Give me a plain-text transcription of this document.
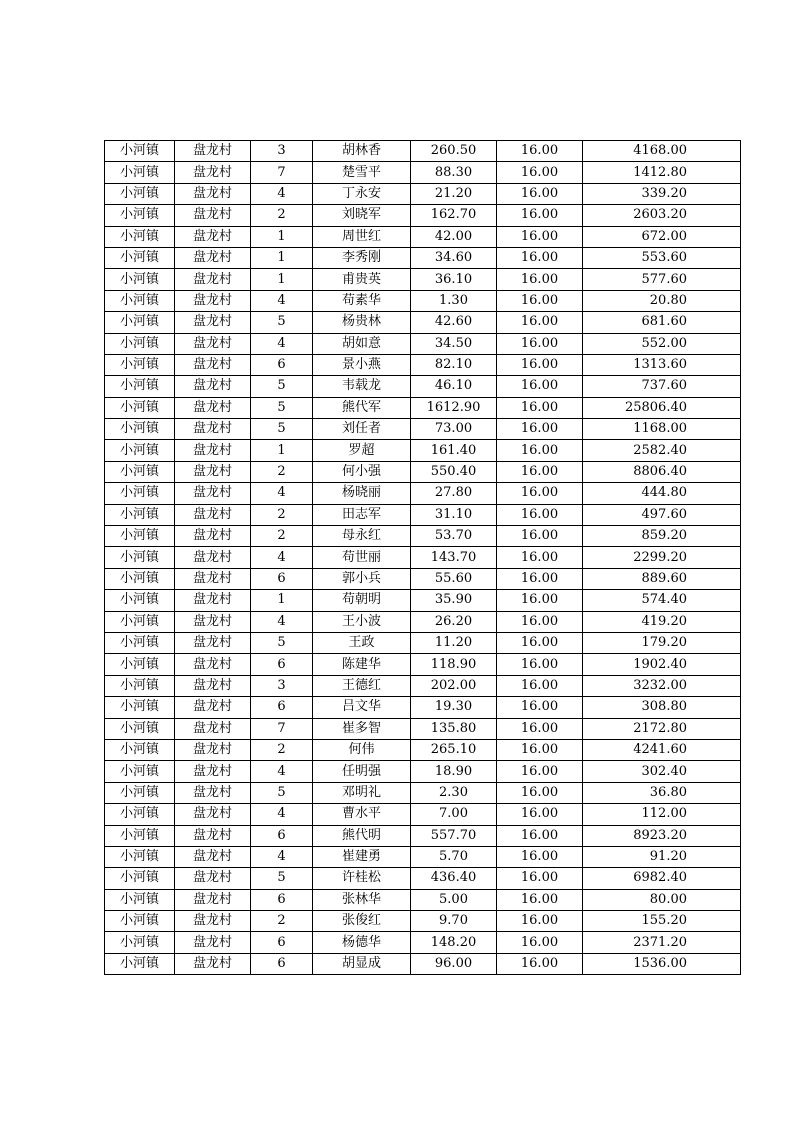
小河镇	盘龙村	3	胡林香	260.50	16.00	4168.00
小河镇	盘龙村	7	楚雪平	88.30	16.00	1412.80
小河镇	盘龙村	4	丁永安	21.20	16.00	339.20
小河镇	盘龙村	2	刘晓军	162.70	16.00	2603.20
小河镇	盘龙村	1	周世红	42.00	16.00	672.00
小河镇	盘龙村	1	李秀刚	34.60	16.00	553.60
小河镇	盘龙村	1	甫贵英	36.10	16.00	577.60
小河镇	盘龙村	4	苟素华	1.30	16.00	20.80
小河镇	盘龙村	5	杨贵林	42.60	16.00	681.60
小河镇	盘龙村	4	胡如意	34.50	16.00	552.00
小河镇	盘龙村	6	景小燕	82.10	16.00	1313.60
小河镇	盘龙村	5	韦载龙	46.10	16.00	737.60
小河镇	盘龙村	5	熊代军	1612.90	16.00	25806.40
小河镇	盘龙村	5	刘任者	73.00	16.00	1168.00
小河镇	盘龙村	1	罗超	161.40	16.00	2582.40
小河镇	盘龙村	2	何小强	550.40	16.00	8806.40
小河镇	盘龙村	4	杨晓丽	27.80	16.00	444.80
小河镇	盘龙村	2	田志军	31.10	16.00	497.60
小河镇	盘龙村	2	母永红	53.70	16.00	859.20
小河镇	盘龙村	4	苟世丽	143.70	16.00	2299.20
小河镇	盘龙村	6	郭小兵	55.60	16.00	889.60
小河镇	盘龙村	1	苟朝明	35.90	16.00	574.40
小河镇	盘龙村	4	王小波	26.20	16.00	419.20
小河镇	盘龙村	5	王政	11.20	16.00	179.20
小河镇	盘龙村	6	陈建华	118.90	16.00	1902.40
小河镇	盘龙村	3	王德红	202.00	16.00	3232.00
小河镇	盘龙村	6	吕文华	19.30	16.00	308.80
小河镇	盘龙村	7	崔多智	135.80	16.00	2172.80
小河镇	盘龙村	2	何伟	265.10	16.00	4241.60
小河镇	盘龙村	4	任明强	18.90	16.00	302.40
小河镇	盘龙村	5	邓明礼	2.30	16.00	36.80
小河镇	盘龙村	4	曹水平	7.00	16.00	112.00
小河镇	盘龙村	6	熊代明	557.70	16.00	8923.20
小河镇	盘龙村	4	崔建勇	5.70	16.00	91.20
小河镇	盘龙村	5	许桂松	436.40	16.00	6982.40
小河镇	盘龙村	6	张林华	5.00	16.00	80.00
小河镇	盘龙村	2	张俊红	9.70	16.00	155.20
小河镇	盘龙村	6	杨德华	148.20	16.00	2371.20
小河镇	盘龙村	6	胡显成	96.00	16.00	1536.00
